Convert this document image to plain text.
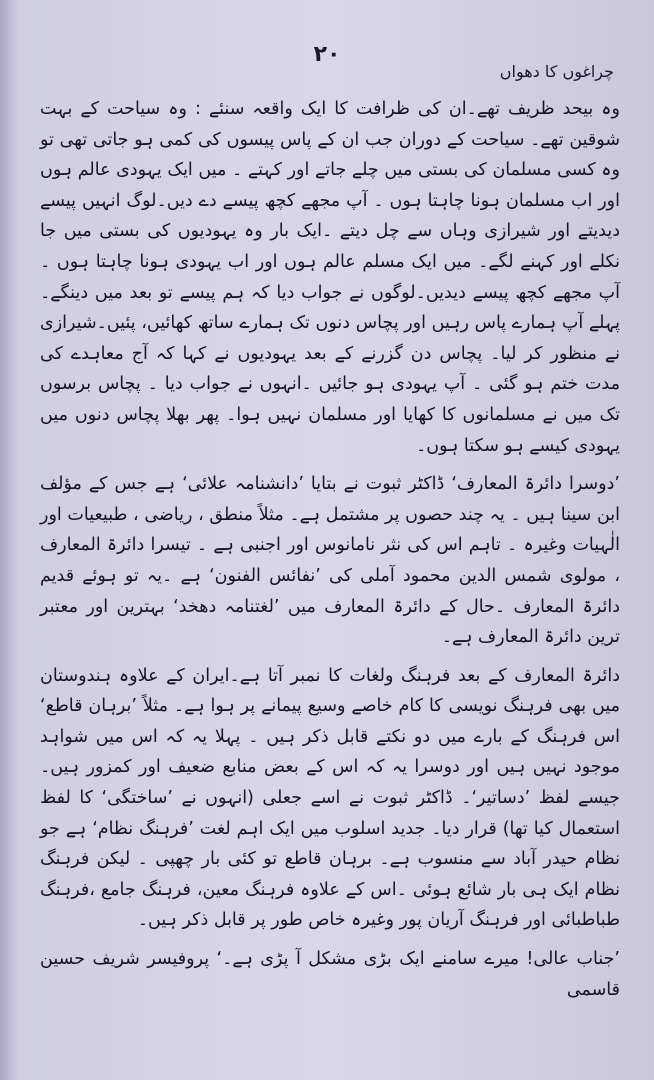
٢٠
چراغوں کا دھواں

وہ بیحد ظریف تھے۔ان کی ظرافت کا ایک واقعہ سنئے : وہ سیاحت کے بہت شوقین تھے۔ سیاحت کے دوران جب ان کے پاس پیسوں کی کمی ہو جاتی تھی تو وہ کسی مسلمان کی بستی میں چلے جاتے اور کہتے ۔ میں ایک یہودی عالم ہوں اور اب مسلمان ہونا چاہتا ہوں ۔ آپ مجھے کچھ پیسے دے دیں۔لوگ انہیں پیسے دیدیتے اور شیرازی وہاں سے چل دیتے ۔ایک بار وہ یہودیوں کی بستی میں جا نکلے اور کہنے لگے۔ میں ایک مسلم عالم ہوں اور اب یہودی ہونا چاہتا ہوں ۔ آپ مجھے کچھ پیسے دیدیں۔لوگوں نے جواب دیا کہ ہم پیسے تو بعد میں دینگے۔ پہلے آپ ہمارے پاس رہیں اور پچاس دنوں تک ہمارے ساتھ کھائیں، پئیں۔شیرازی نے منظور کر لیا۔ پچاس دن گزرنے کے بعد یہودیوں نے کہا کہ آج معاہدے کی مدت ختم ہو گئی ۔ آپ یہودی ہو جائیں ۔انہوں نے جواب دیا ۔ پچاس برسوں تک میں نے مسلمانوں کا کھایا اور مسلمان نہیں ہوا۔ پھر بھلا پچاس دنوں میں یہودی کیسے ہو سکتا ہوں۔

’دوسرا دائرۃ المعارف‘ ڈاکٹر ثبوت نے بتایا ’دانشنامہ علائی‘ ہے جس کے مؤلف ابن سینا ہیں ۔ یہ چند حصوں پر مشتمل ہے۔ مثلاً منطق ، ریاضی ، طبیعیات اور الٰہیات وغیرہ ۔ تاہم اس کی نثر نامانوس اور اجنبی ہے ۔ تیسرا دائرۃ المعارف ، مولوی شمس الدین محمود آملی کی ’نفائس الفنون‘ ہے ۔یہ تو ہوئے قدیم دائرۃ المعارف ۔حال کے دائرۃ المعارف میں ’لغتنامہ دھخد‘ بہترین اور معتبر ترین دائرۃ المعارف ہے۔

دائرۃ المعارف کے بعد فرہنگ ولغات کا نمبر آتا ہے۔ایران کے علاوہ ہندوستان میں بھی فرہنگ نویسی کا کام خاصے وسیع پیمانے پر ہوا ہے۔ مثلاً ’برہان قاطع‘ اس فرہنگ کے بارے میں دو نکتے قابل ذکر ہیں ۔ پہلا یہ کہ اس میں شواہد موجود نہیں ہیں اور دوسرا یہ کہ اس کے بعض منابع ضعیف اور کمزور ہیں۔ جیسے لفظ ’دساتیر‘۔ ڈاکٹر ثبوت نے اسے جعلی (انہوں نے ’ساختگی‘ کا لفظ استعمال کیا تھا) قرار دیا۔ جدید اسلوب میں ایک اہم لغت ’فرہنگ نظام‘ ہے جو نظام حیدر آباد سے منسوب ہے۔ برہان قاطع تو کئی بار چھپی ۔ لیکن فرہنگ نظام ایک ہی بار شائع ہوئی ۔اس کے علاوہ فرہنگ معین، فرہنگ جامع ،فرہنگ طباطبائی اور فرہنگ آریان پور وغیرہ خاص طور پر قابل ذکر ہیں۔

’جناب عالی! میرے سامنے ایک بڑی مشکل آ پڑی ہے۔‘ پروفیسر شریف حسین قاسمی
